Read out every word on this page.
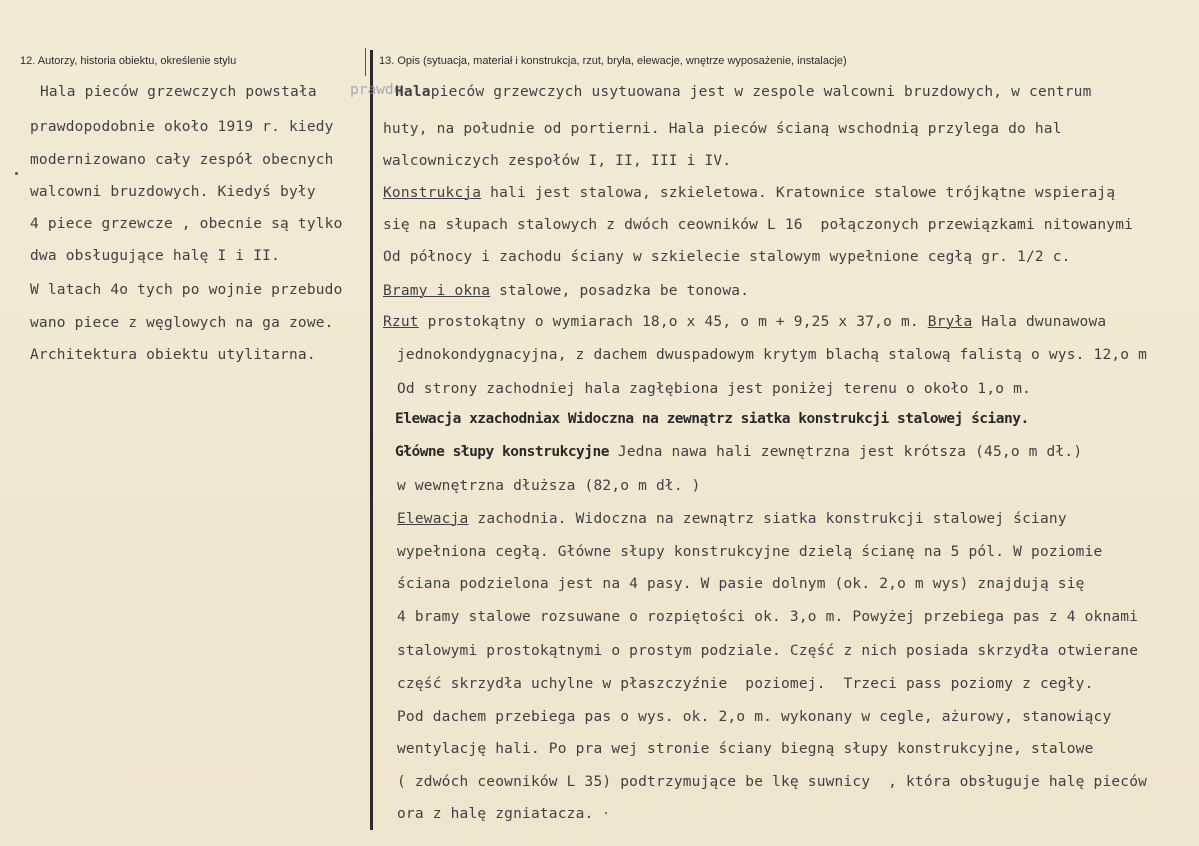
12. Autorzy, historia obiektu, określenie stylu	13. Opis (sytuacja, materiał i konstrukcja, rzut, bryła, elewacje, wnętrze wyposażenie, instalacje)
prawdo
Hala pieców grzewczych powstała
prawdopodobnie około 1919 r. kiedy
modernizowano cały zespół obecnych
walcowni bruzdowych. Kiedyś były
4 piece grzewcze , obecnie są tylko
dwa obsługujące halę I i II.
W latach 4o tych po wojnie przebudo
wano piece z węglowych na ga zowe.
Architektura obiektu utylitarna.
Halapieców grzewczych usytuowana jest w zespole walcowni bruzdowych, w centrum
huty, na południe od portierni. Hala pieców ścianą wschodnią przylega do hal
walcowniczych zespołów I, II, III i IV.
Konstrukcja hali jest stalowa, szkieletowa. Kratownice stalowe trójkątne wspierają
się na słupach stalowych z dwóch ceowników L 16  połączonych przewiązkami nitowanymi
Od północy i zachodu ściany w szkielecie stalowym wypełnione cegłą gr. 1/2 c.
Bramy i okna stalowe, posadzka be tonowa.
Rzut prostokątny o wymiarach 18,o x 45, o m + 9,25 x 37,o m. Bryła Hala dwunawowa
jednokondygnacyjna, z dachem dwuspadowym krytym blachą stalową falistą o wys. 12,o m
Od strony zachodniej hala zagłębiona jest poniżej terenu o około 1,o m.
Elewacja xzachodniax Widoczna na zewnątrz siatka konstrukcji stalowej ściany.
Główne słupy konstrukcyjne Jedna nawa hali zewnętrzna jest krótsza (45,o m dł.)
w wewnętrzna dłuższa (82,o m dł. )
Elewacja zachodnia. Widoczna na zewnątrz siatka konstrukcji stalowej ściany
wypełniona cegłą. Główne słupy konstrukcyjne dzielą ścianę na 5 pól. W poziomie
ściana podzielona jest na 4 pasy. W pasie dolnym (ok. 2,o m wys) znajdują się
4 bramy stalowe rozsuwane o rozpiętości ok. 3,o m. Powyżej przebiega pas z 4 oknami
stalowymi prostokątnymi o prostym podziale. Część z nich posiada skrzydła otwierane
część skrzydła uchylne w płaszczyźnie  poziomej.  Trzeci pass poziomy z cegły.
Pod dachem przebiega pas o wys. ok. 2,o m. wykonany w cegle, ażurowy, stanowiący
wentylację hali. Po pra wej stronie ściany biegną słupy konstrukcyjne, stalowe
( zdwóch ceowników L 35) podtrzymujące be lkę suwnicy  , która obsługuje halę pieców
ora z halę zgniatacza.
